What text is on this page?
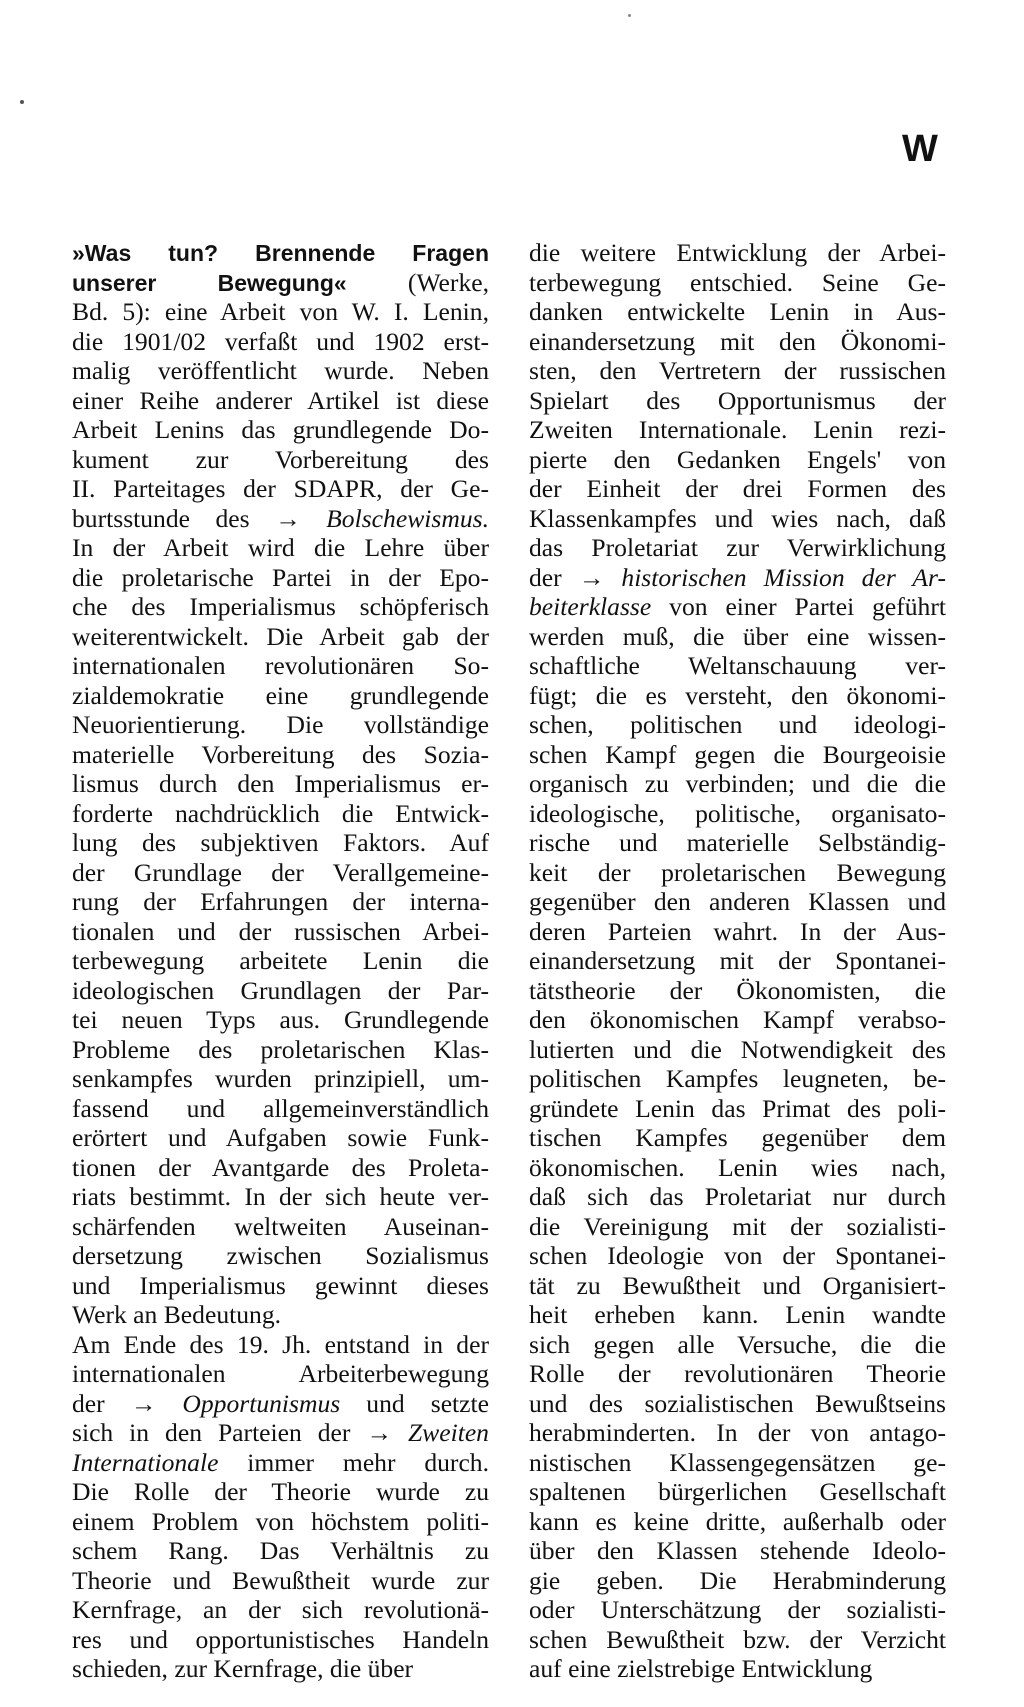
W
»Was tun? Brennende Fragen
unserer Bewegung« (Werke,
Bd. 5): eine Arbeit von W. I. Lenin,
die 1901/02 verfaßt und 1902 erst-
malig veröffentlicht wurde. Neben
einer Reihe anderer Artikel ist diese
Arbeit Lenins das grundlegende Do-
kument zur Vorbereitung des
II. Parteitages der SDAPR, der Ge-
burtsstunde des → Bolschewismus.
In der Arbeit wird die Lehre über
die proletarische Partei in der Epo-
che des Imperialismus schöpferisch
weiterentwickelt. Die Arbeit gab der
internationalen revolutionären So-
zialdemokratie eine grundlegende
Neuorientierung. Die vollständige
materielle Vorbereitung des Sozia-
lismus durch den Imperialismus er-
forderte nachdrücklich die Entwick-
lung des subjektiven Faktors. Auf
der Grundlage der Verallgemeine-
rung der Erfahrungen der interna-
tionalen und der russischen Arbei-
terbewegung arbeitete Lenin die
ideologischen Grundlagen der Par-
tei neuen Typs aus. Grundlegende
Probleme des proletarischen Klas-
senkampfes wurden prinzipiell, um-
fassend und allgemeinverständlich
erörtert und Aufgaben sowie Funk-
tionen der Avantgarde des Proleta-
riats bestimmt. In der sich heute ver-
schärfenden weltweiten Auseinan-
dersetzung zwischen Sozialismus
und Imperialismus gewinnt dieses
Werk an Bedeutung.
Am Ende des 19. Jh. entstand in der
internationalen Arbeiterbewegung
der → Opportunismus und setzte
sich in den Parteien der → Zweiten
Internationale immer mehr durch.
Die Rolle der Theorie wurde zu
einem Problem von höchstem politi-
schem Rang. Das Verhältnis zu
Theorie und Bewußtheit wurde zur
Kernfrage, an der sich revolutionä-
res und opportunistisches Handeln
schieden, zur Kernfrage, die über
die weitere Entwicklung der Arbei-
terbewegung entschied. Seine Ge-
danken entwickelte Lenin in Aus-
einandersetzung mit den Ökonomi-
sten, den Vertretern der russischen
Spielart des Opportunismus der
Zweiten Internationale. Lenin rezi-
pierte den Gedanken Engels' von
der Einheit der drei Formen des
Klassenkampfes und wies nach, daß
das Proletariat zur Verwirklichung
der → historischen Mission der Ar-
beiterklasse von einer Partei geführt
werden muß, die über eine wissen-
schaftliche Weltanschauung ver-
fügt; die es versteht, den ökonomi-
schen, politischen und ideologi-
schen Kampf gegen die Bourgeoisie
organisch zu verbinden; und die die
ideologische, politische, organisato-
rische und materielle Selbständig-
keit der proletarischen Bewegung
gegenüber den anderen Klassen und
deren Parteien wahrt. In der Aus-
einandersetzung mit der Spontanei-
tätstheorie der Ökonomisten, die
den ökonomischen Kampf verabso-
lutierten und die Notwendigkeit des
politischen Kampfes leugneten, be-
gründete Lenin das Primat des poli-
tischen Kampfes gegenüber dem
ökonomischen. Lenin wies nach,
daß sich das Proletariat nur durch
die Vereinigung mit der sozialisti-
schen Ideologie von der Spontanei-
tät zu Bewußtheit und Organisiert-
heit erheben kann. Lenin wandte
sich gegen alle Versuche, die die
Rolle der revolutionären Theorie
und des sozialistischen Bewußtseins
herabminderten. In der von antago-
nistischen Klassengegensätzen ge-
spaltenen bürgerlichen Gesellschaft
kann es keine dritte, außerhalb oder
über den Klassen stehende Ideolo-
gie geben. Die Herabminderung
oder Unterschätzung der sozialisti-
schen Bewußtheit bzw. der Verzicht
auf eine zielstrebige Entwicklung
